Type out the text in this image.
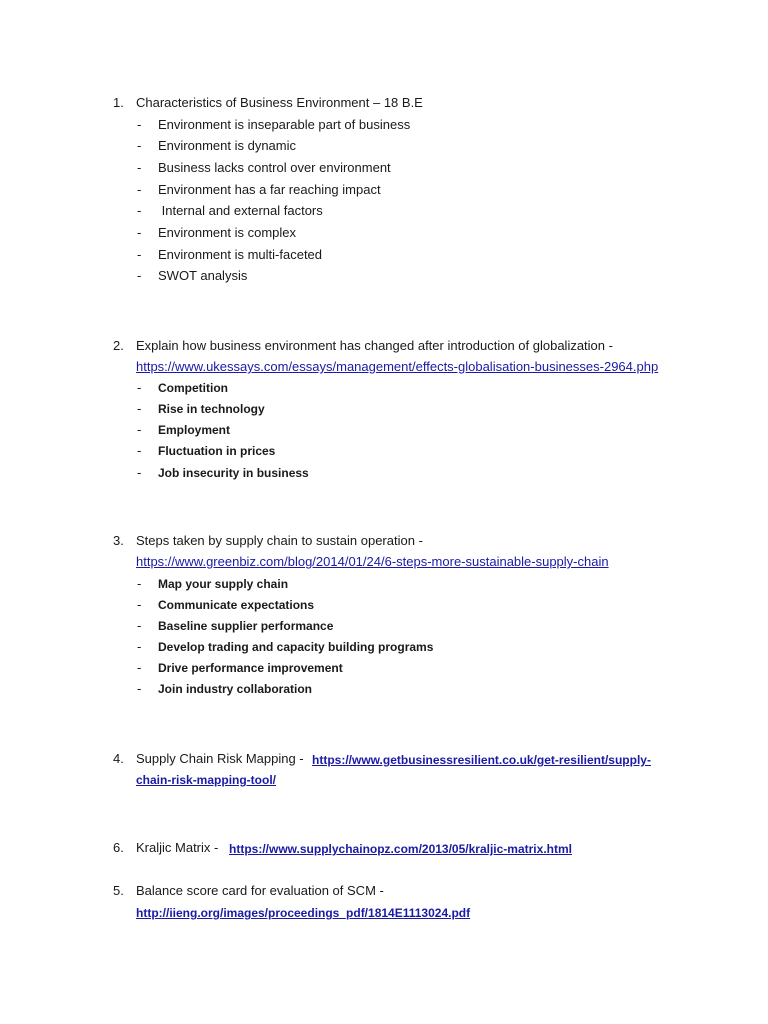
1. Characteristics of Business Environment – 18 B.E
- Environment is inseparable part of business
- Environment is dynamic
- Business lacks control over environment
- Environment has a far reaching impact
- Internal and external factors
- Environment is complex
- Environment is multi-faceted
- SWOT analysis
2. Explain how business environment has changed after introduction of globalization -
https://www.ukessays.com/essays/management/effects-globalisation-businesses-2964.php
- Competition
- Rise in technology
- Employment
- Fluctuation in prices
- Job insecurity in business
3. Steps taken by supply chain to sustain operation -
https://www.greenbiz.com/blog/2014/01/24/6-steps-more-sustainable-supply-chain
- Map your supply chain
- Communicate expectations
- Baseline supplier performance
- Develop trading and capacity building programs
- Drive performance improvement
- Join industry collaboration
4. Supply Chain Risk Mapping - https://www.getbusinessresilient.co.uk/get-resilient/supply-
chain-risk-mapping-tool/
6. Kraljic Matrix - https://www.supplychainopz.com/2013/05/kraljic-matrix.html
5. Balance score card for evaluation of SCM -
http://iieng.org/images/proceedings_pdf/1814E1113024.pdf
